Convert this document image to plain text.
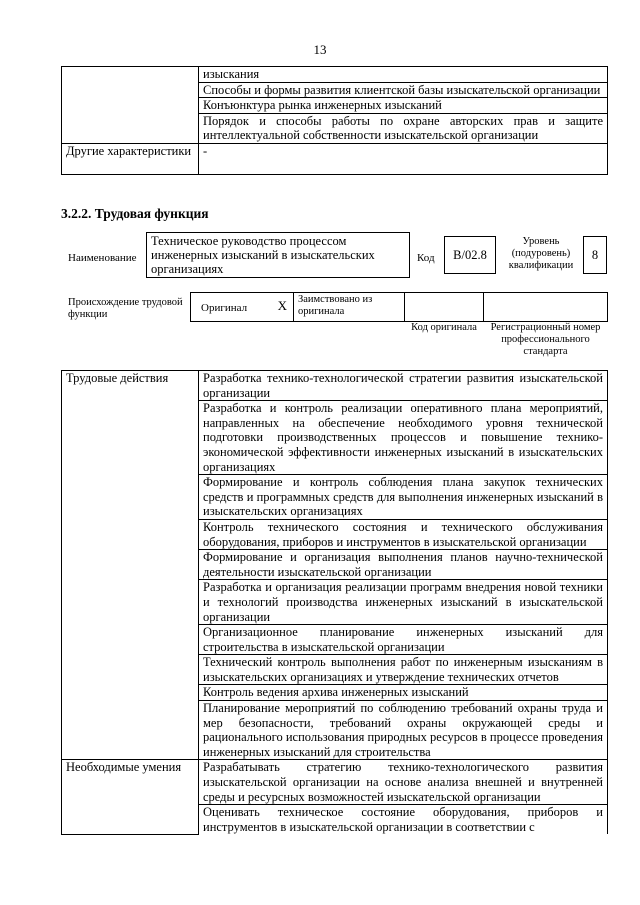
13
	изыскания
	Способы и формы развития клиентской базы изыскательской организации
	Конъюнктура рынка инженерных изысканий
	Порядок и способы работы по охране авторских прав и защите интеллектуальной собственности изыскательской организации
Другие характеристики	-
3.2.2. Трудовая функция
Наименование
Техническое руководство процессом инженерных изысканий в изыскательских организациях
Код	B/02.8
Уровень (подуровень) квалификации
8
Происхождение трудовой функции
Оригинал X	Заимствовано из оригинала
Код оригинала	Регистрационный номер профессионального стандарта
Трудовые действия	Разработка технико-технологической стратегии развития изыскательской организации
	Разработка и контроль реализации оперативного плана мероприятий, направленных на обеспечение необходимого уровня технической подготовки производственных процессов и повышение технико-экономической эффективности инженерных изысканий в изыскательских организациях
	Формирование и контроль соблюдения плана закупок технических средств и программных средств для выполнения инженерных изысканий в изыскательских организациях
	Контроль технического состояния и технического обслуживания оборудования, приборов и инструментов в изыскательской организации
	Формирование и организация выполнения планов научно-технической деятельности изыскательской организации
	Разработка и организация реализации программ внедрения новой техники и технологий производства инженерных изысканий в изыскательской организации
	Организационное планирование инженерных изысканий для строительства в изыскательской организации
	Технический контроль выполнения работ по инженерным изысканиям в изыскательских организациях и утверждение технических отчетов
	Контроль ведения архива инженерных изысканий
	Планирование мероприятий по соблюдению требований охраны труда и мер безопасности, требований охраны окружающей среды и рационального использования природных ресурсов в процессе проведения инженерных изысканий для строительства
Необходимые умения	Разрабатывать стратегию технико-технологического развития изыскательской организации на основе анализа внешней и внутренней среды и ресурсных возможностей изыскательской организации
	Оценивать техническое состояние оборудования, приборов и инструментов в изыскательской организации в соответствии с
